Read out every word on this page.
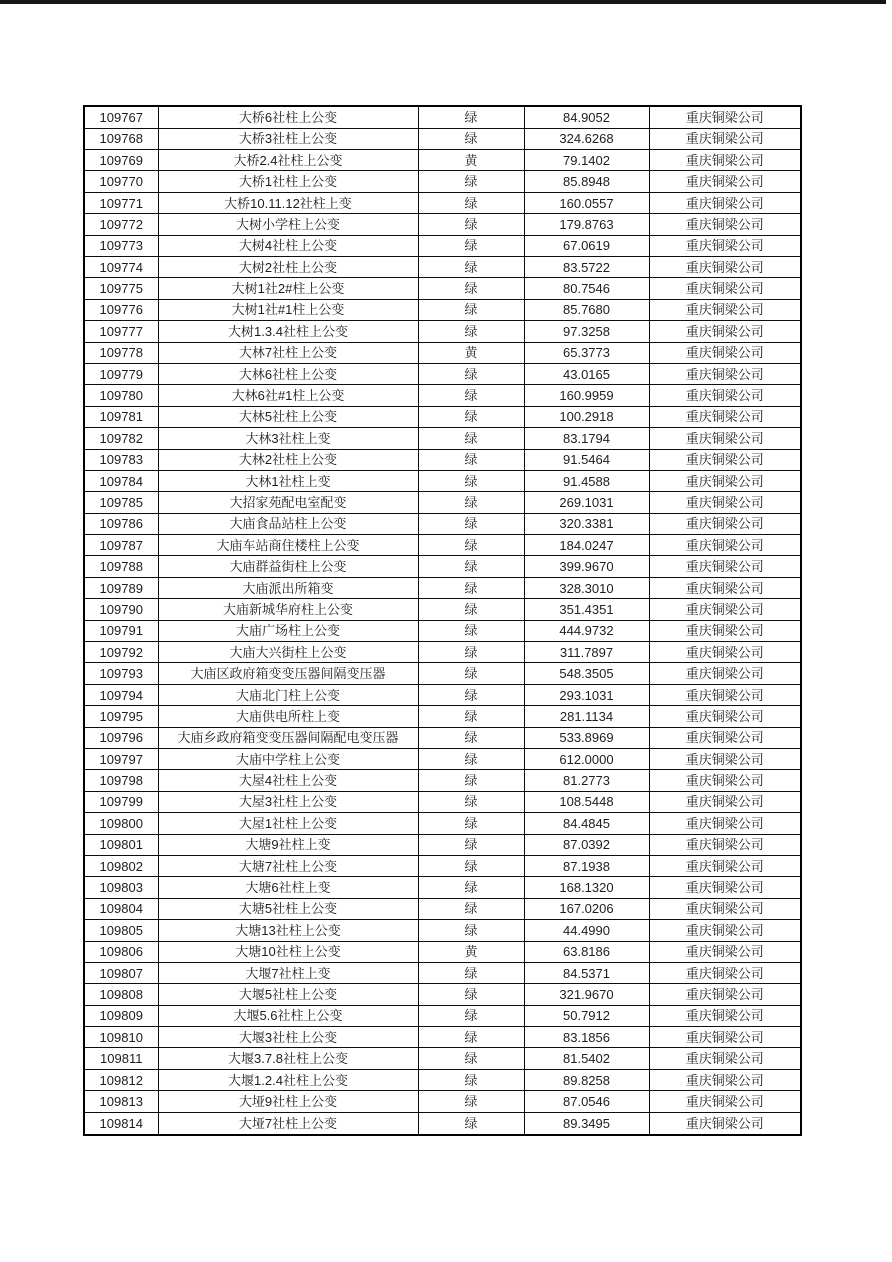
109767	大桥6社柱上公变	绿	84.9052	重庆铜梁公司
109768	大桥3社柱上公变	绿	324.6268	重庆铜梁公司
109769	大桥2.4社柱上公变	黄	79.1402	重庆铜梁公司
109770	大桥1社柱上公变	绿	85.8948	重庆铜梁公司
109771	大桥10.11.12社柱上变	绿	160.0557	重庆铜梁公司
109772	大树小学柱上公变	绿	179.8763	重庆铜梁公司
109773	大树4社柱上公变	绿	67.0619	重庆铜梁公司
109774	大树2社柱上公变	绿	83.5722	重庆铜梁公司
109775	大树1社2#柱上公变	绿	80.7546	重庆铜梁公司
109776	大树1社#1柱上公变	绿	85.7680	重庆铜梁公司
109777	大树1.3.4社柱上公变	绿	97.3258	重庆铜梁公司
109778	大林7社柱上公变	黄	65.3773	重庆铜梁公司
109779	大林6社柱上公变	绿	43.0165	重庆铜梁公司
109780	大林6社#1柱上公变	绿	160.9959	重庆铜梁公司
109781	大林5社柱上公变	绿	100.2918	重庆铜梁公司
109782	大林3社柱上变	绿	83.1794	重庆铜梁公司
109783	大林2社柱上公变	绿	91.5464	重庆铜梁公司
109784	大林1社柱上变	绿	91.4588	重庆铜梁公司
109785	大招家苑配电室配变	绿	269.1031	重庆铜梁公司
109786	大庙食品站柱上公变	绿	320.3381	重庆铜梁公司
109787	大庙车站商住楼柱上公变	绿	184.0247	重庆铜梁公司
109788	大庙群益街柱上公变	绿	399.9670	重庆铜梁公司
109789	大庙派出所箱变	绿	328.3010	重庆铜梁公司
109790	大庙新城华府柱上公变	绿	351.4351	重庆铜梁公司
109791	大庙广场柱上公变	绿	444.9732	重庆铜梁公司
109792	大庙大兴街柱上公变	绿	311.7897	重庆铜梁公司
109793	大庙区政府箱变变压器间隔变压器	绿	548.3505	重庆铜梁公司
109794	大庙北门柱上公变	绿	293.1031	重庆铜梁公司
109795	大庙供电所柱上变	绿	281.1134	重庆铜梁公司
109796	大庙乡政府箱变变压器间隔配电变压器	绿	533.8969	重庆铜梁公司
109797	大庙中学柱上公变	绿	612.0000	重庆铜梁公司
109798	大屋4社柱上公变	绿	81.2773	重庆铜梁公司
109799	大屋3社柱上公变	绿	108.5448	重庆铜梁公司
109800	大屋1社柱上公变	绿	84.4845	重庆铜梁公司
109801	大塘9社柱上变	绿	87.0392	重庆铜梁公司
109802	大塘7社柱上公变	绿	87.1938	重庆铜梁公司
109803	大塘6社柱上变	绿	168.1320	重庆铜梁公司
109804	大塘5社柱上公变	绿	167.0206	重庆铜梁公司
109805	大塘13社柱上公变	绿	44.4990	重庆铜梁公司
109806	大塘10社柱上公变	黄	63.8186	重庆铜梁公司
109807	大堰7社柱上变	绿	84.5371	重庆铜梁公司
109808	大堰5社柱上公变	绿	321.9670	重庆铜梁公司
109809	大堰5.6社柱上公变	绿	50.7912	重庆铜梁公司
109810	大堰3社柱上公变	绿	83.1856	重庆铜梁公司
109811	大堰3.7.8社柱上公变	绿	81.5402	重庆铜梁公司
109812	大堰1.2.4社柱上公变	绿	89.8258	重庆铜梁公司
109813	大垭9社柱上公变	绿	87.0546	重庆铜梁公司
109814	大垭7社柱上公变	绿	89.3495	重庆铜梁公司
